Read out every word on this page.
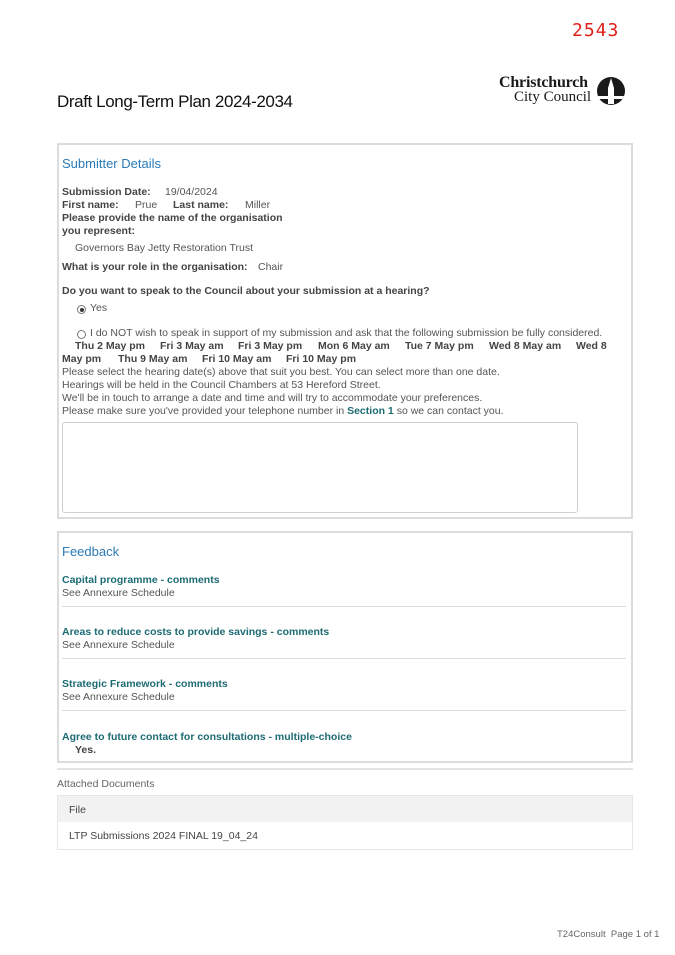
2543
Christchurch
City Council
Draft Long-Term Plan 2024-2034
Submitter Details
Submission Date: 19/04/2024
First name: Prue Last name: Miller
Please provide the name of the organisation
you represent:
Governors Bay Jetty Restoration Trust
What is your role in the organisation: Chair
Do you want to speak to the Council about your submission at a hearing?
Yes
I do NOT wish to speak in support of my submission and ask that the following submission be fully considered.
Thu 2 May pm Fri 3 May am Fri 3 May pm Mon 6 May am Tue 7 May pm Wed 8 May am Wed 8
May pm Thu 9 May am Fri 10 May am Fri 10 May pm
Please select the hearing date(s) above that suit you best. You can select more than one date.
Hearings will be held in the Council Chambers at 53 Hereford Street.
We'll be in touch to arrange a date and time and will try to accommodate your preferences.
Please make sure you've provided your telephone number in Section 1 so we can contact you.
Feedback
Capital programme - comments
See Annexure Schedule
Areas to reduce costs to provide savings - comments
See Annexure Schedule
Strategic Framework - comments
See Annexure Schedule
Agree to future contact for consultations - multiple-choice
Yes.
Attached Documents
File
LTP Submissions 2024 FINAL 19_04_24
T24Consult Page 1 of 1
